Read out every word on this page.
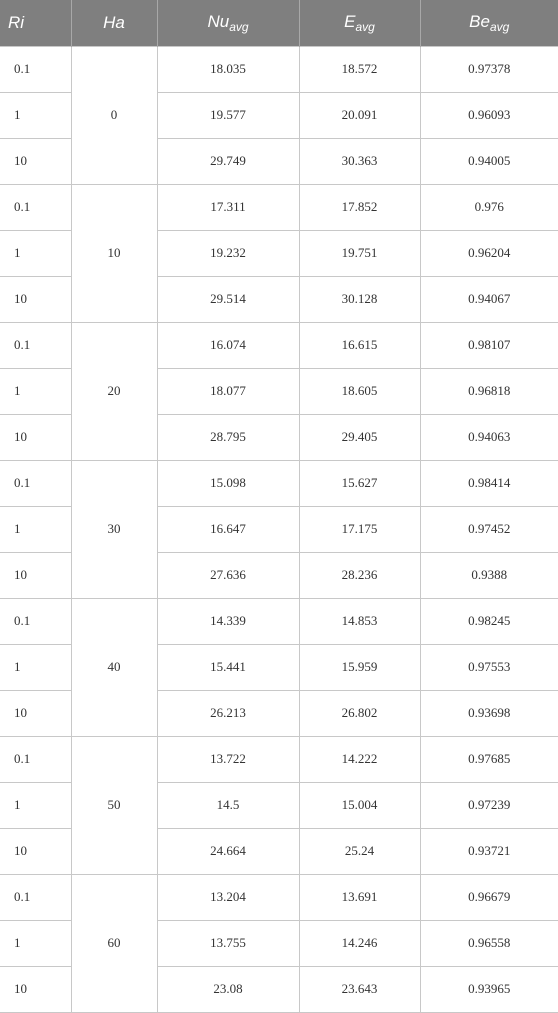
Ri	Ha	$Nu_{avg}$	$E_{avg}$	$Be_{avg}$
0.1	0	18.035	18.572	0.97378
1		19.577	20.091	0.96093
10		29.749	30.363	0.94005
0.1	10	17.311	17.852	0.976
1		19.232	19.751	0.96204
10		29.514	30.128	0.94067
0.1	20	16.074	16.615	0.98107
1		18.077	18.605	0.96818
10		28.795	29.405	0.94063
0.1	30	15.098	15.627	0.98414
1		16.647	17.175	0.97452
10		27.636	28.236	0.9388
0.1	40	14.339	14.853	0.98245
1		15.441	15.959	0.97553
10		26.213	26.802	0.93698
0.1	50	13.722	14.222	0.97685
1		14.5	15.004	0.97239
10		24.664	25.24	0.93721
0.1	60	13.204	13.691	0.96679
1		13.755	14.246	0.96558
10		23.08	23.643	0.93965
